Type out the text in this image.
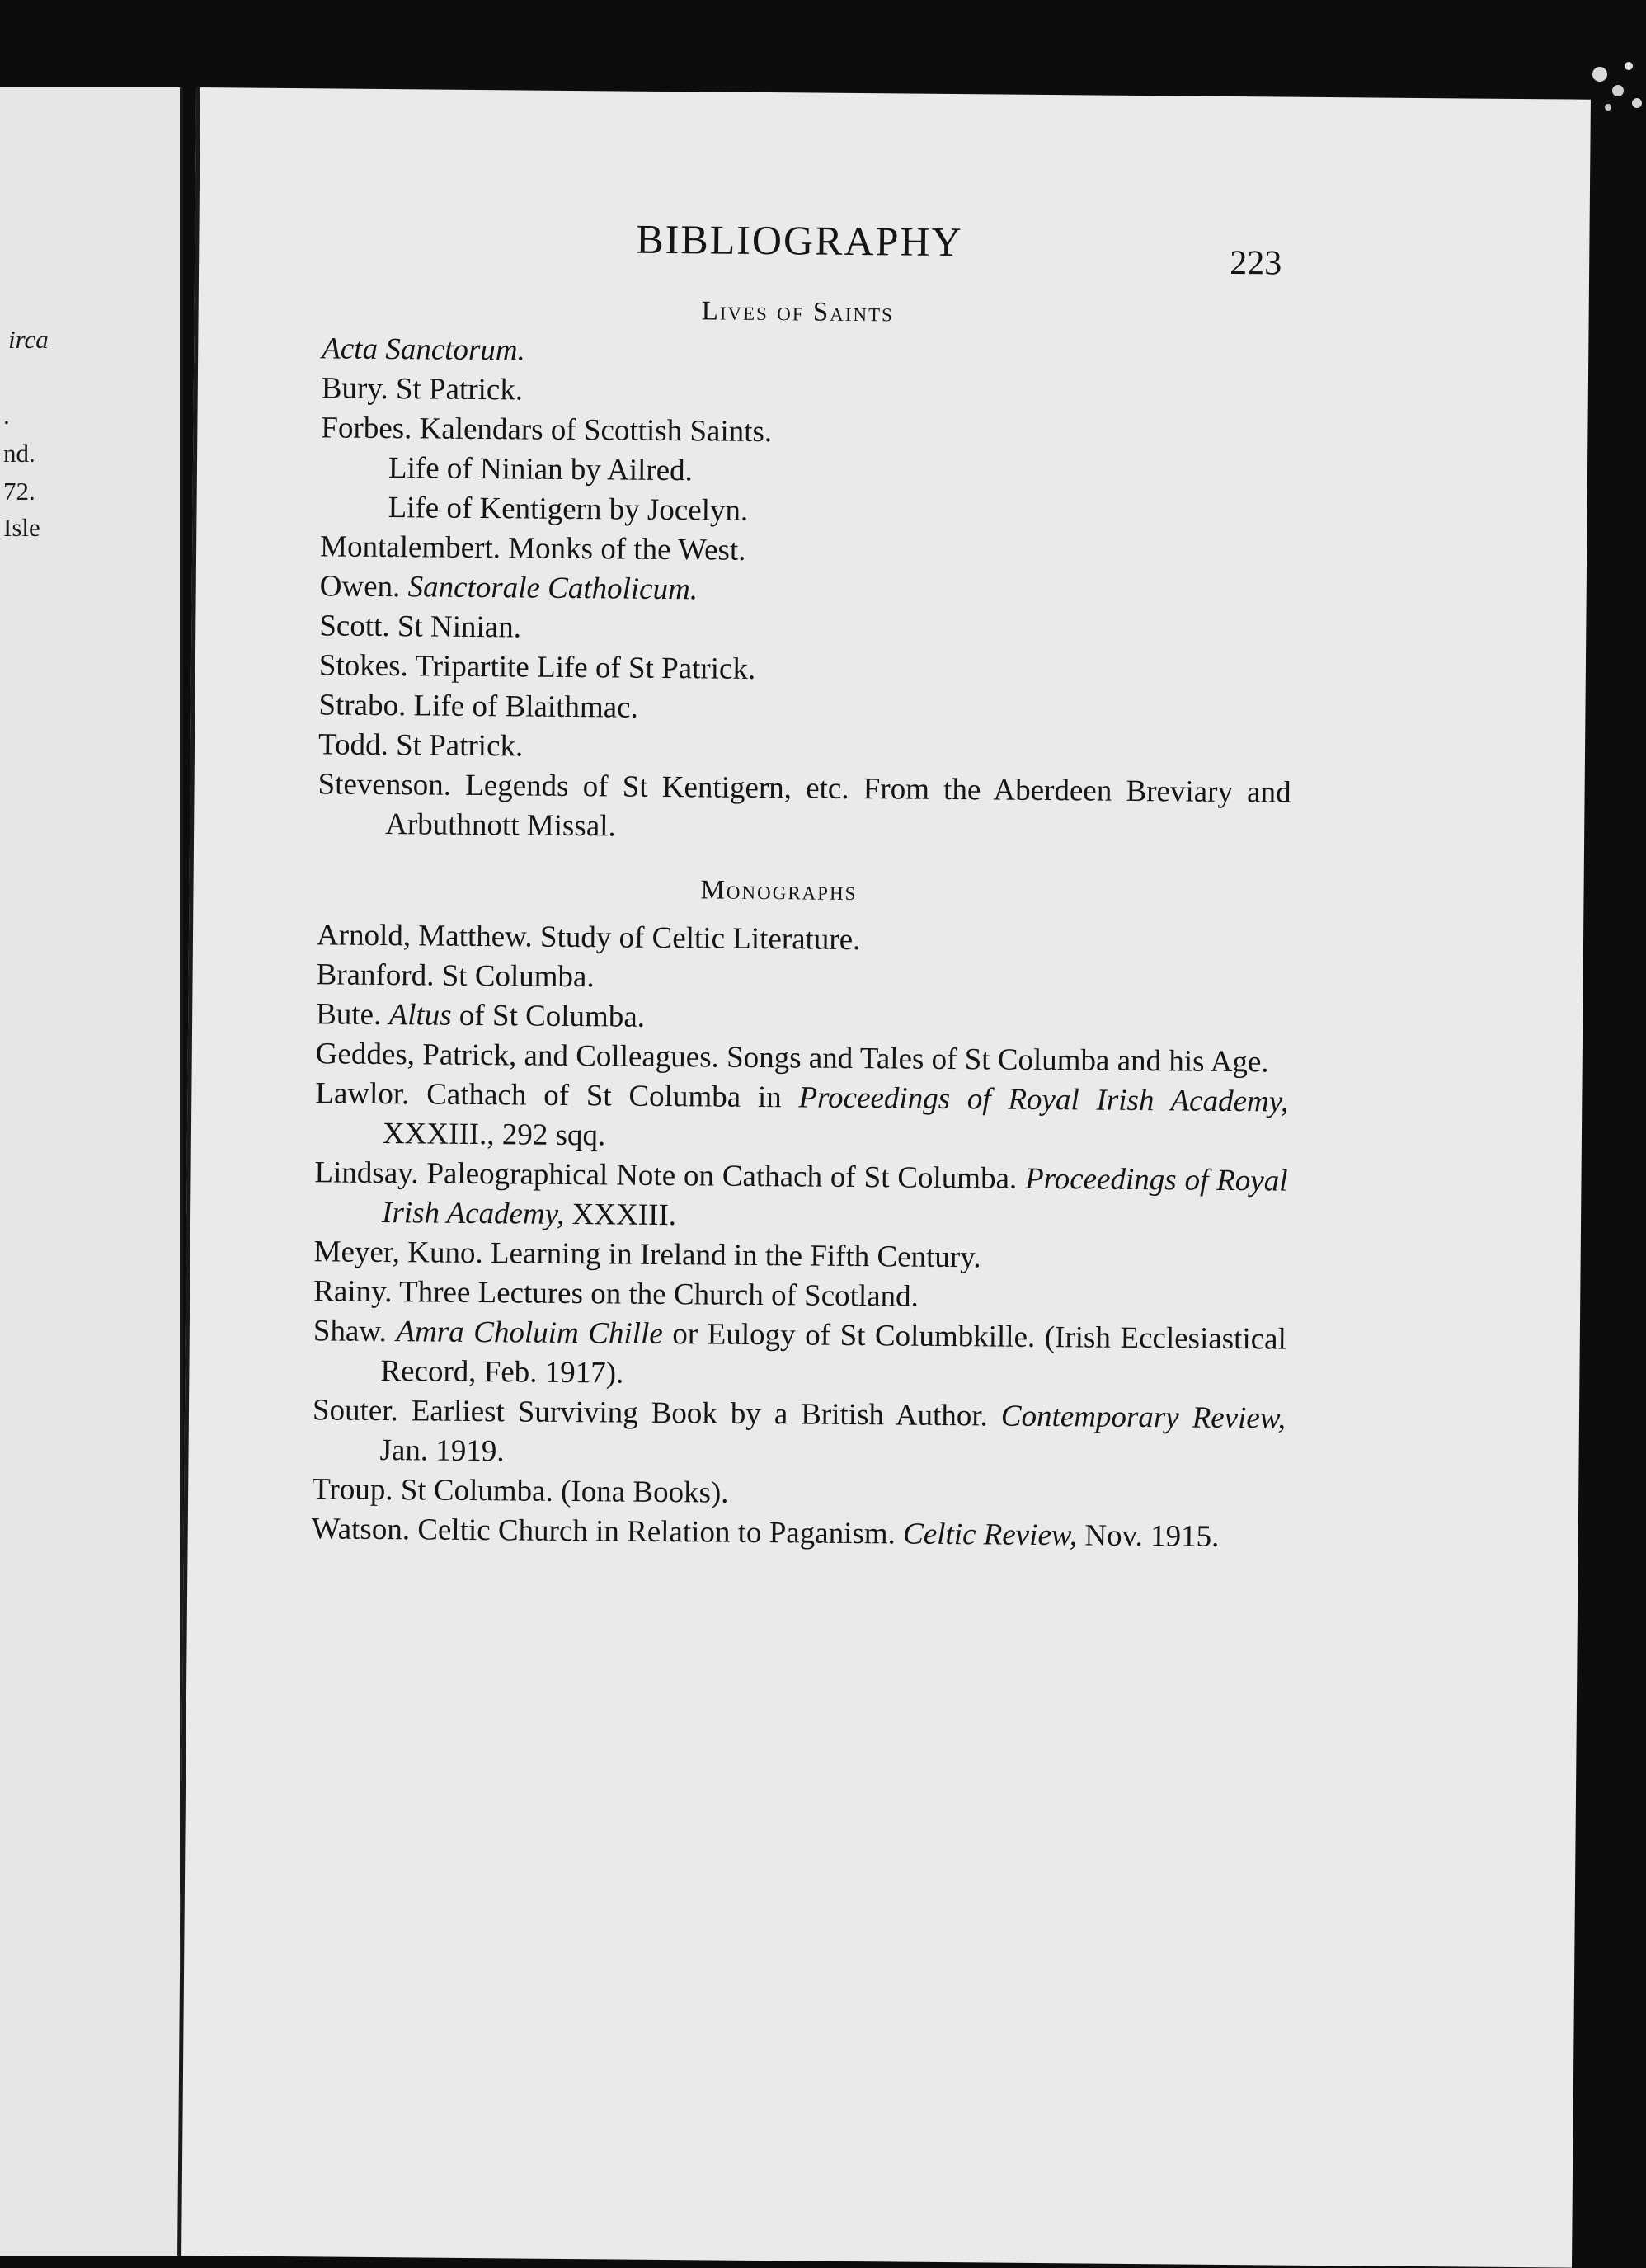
irca
.
nd.
72.
Isle
BIBLIOGRAPHY	223
Lives of Saints
Acta Sanctorum.
Bury. St Patrick.
Forbes. Kalendars of Scottish Saints.
Life of Ninian by Ailred.
Life of Kentigern by Jocelyn.
Montalembert. Monks of the West.
Owen. Sanctorale Catholicum.
Scott. St Ninian.
Stokes. Tripartite Life of St Patrick.
Strabo. Life of Blaithmac.
Todd. St Patrick.
Stevenson. Legends of St Kentigern, etc. From the Aberdeen Breviary and Arbuthnott Missal.
Monographs
Arnold, Matthew. Study of Celtic Literature.
Branford. St Columba.
Bute. Altus of St Columba.
Geddes, Patrick, and Colleagues. Songs and Tales of St Columba and his Age.
Lawlor. Cathach of St Columba in Proceedings of Royal Irish Academy, XXXIII., 292 sqq.
Lindsay. Paleographical Note on Cathach of St Columba. Proceedings of Royal Irish Academy, XXXIII.
Meyer, Kuno. Learning in Ireland in the Fifth Century.
Rainy. Three Lectures on the Church of Scotland.
Shaw. Amra Choluim Chille or Eulogy of St Columbkille. (Irish Ecclesiastical Record, Feb. 1917).
Souter. Earliest Surviving Book by a British Author. Contemporary Review, Jan. 1919.
Troup. St Columba. (Iona Books).
Watson. Celtic Church in Relation to Paganism. Celtic Review, Nov. 1915.
